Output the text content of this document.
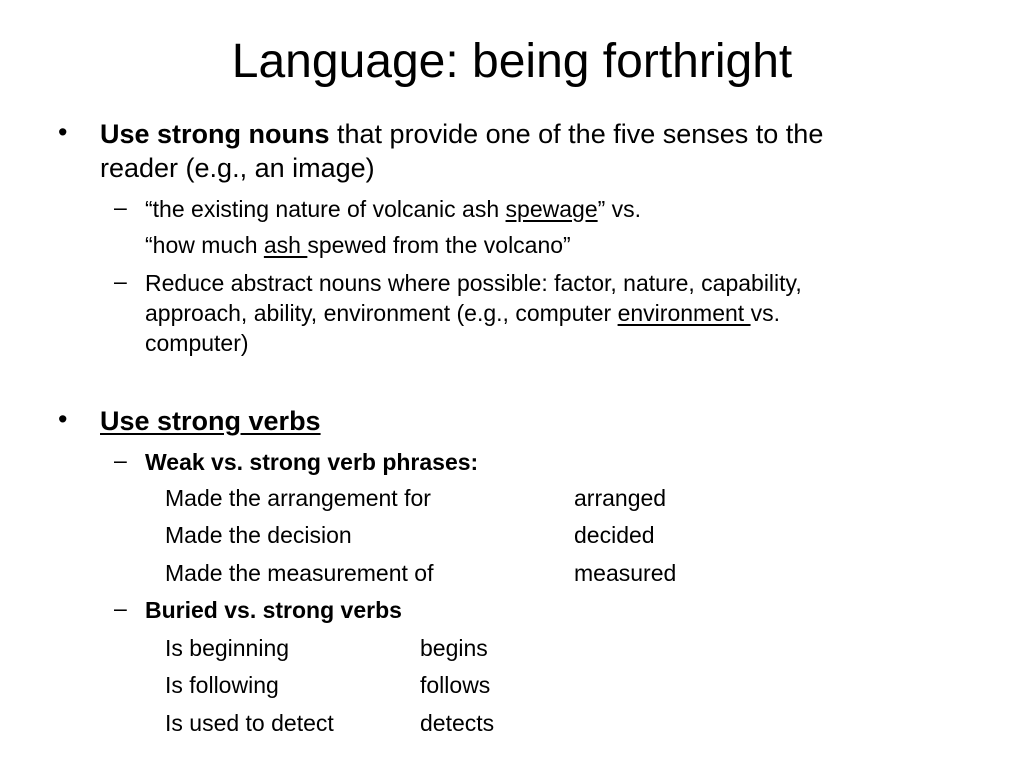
Language: being forthright
• Use strong nouns that provide one of the five senses to the
reader (e.g., an image)
– “the existing nature of volcanic ash spewage” vs.
“how much ash spewed from the volcano”
– Reduce abstract nouns where possible: factor, nature, capability,
approach, ability, environment (e.g., computer environment vs.
computer)
• Use strong verbs
– Weak vs. strong verb phrases:
Made the arrangement for	arranged
Made the decision	decided
Made the measurement of	measured
– Buried vs. strong verbs
Is beginning	begins
Is following	follows
Is used to detect	detects
